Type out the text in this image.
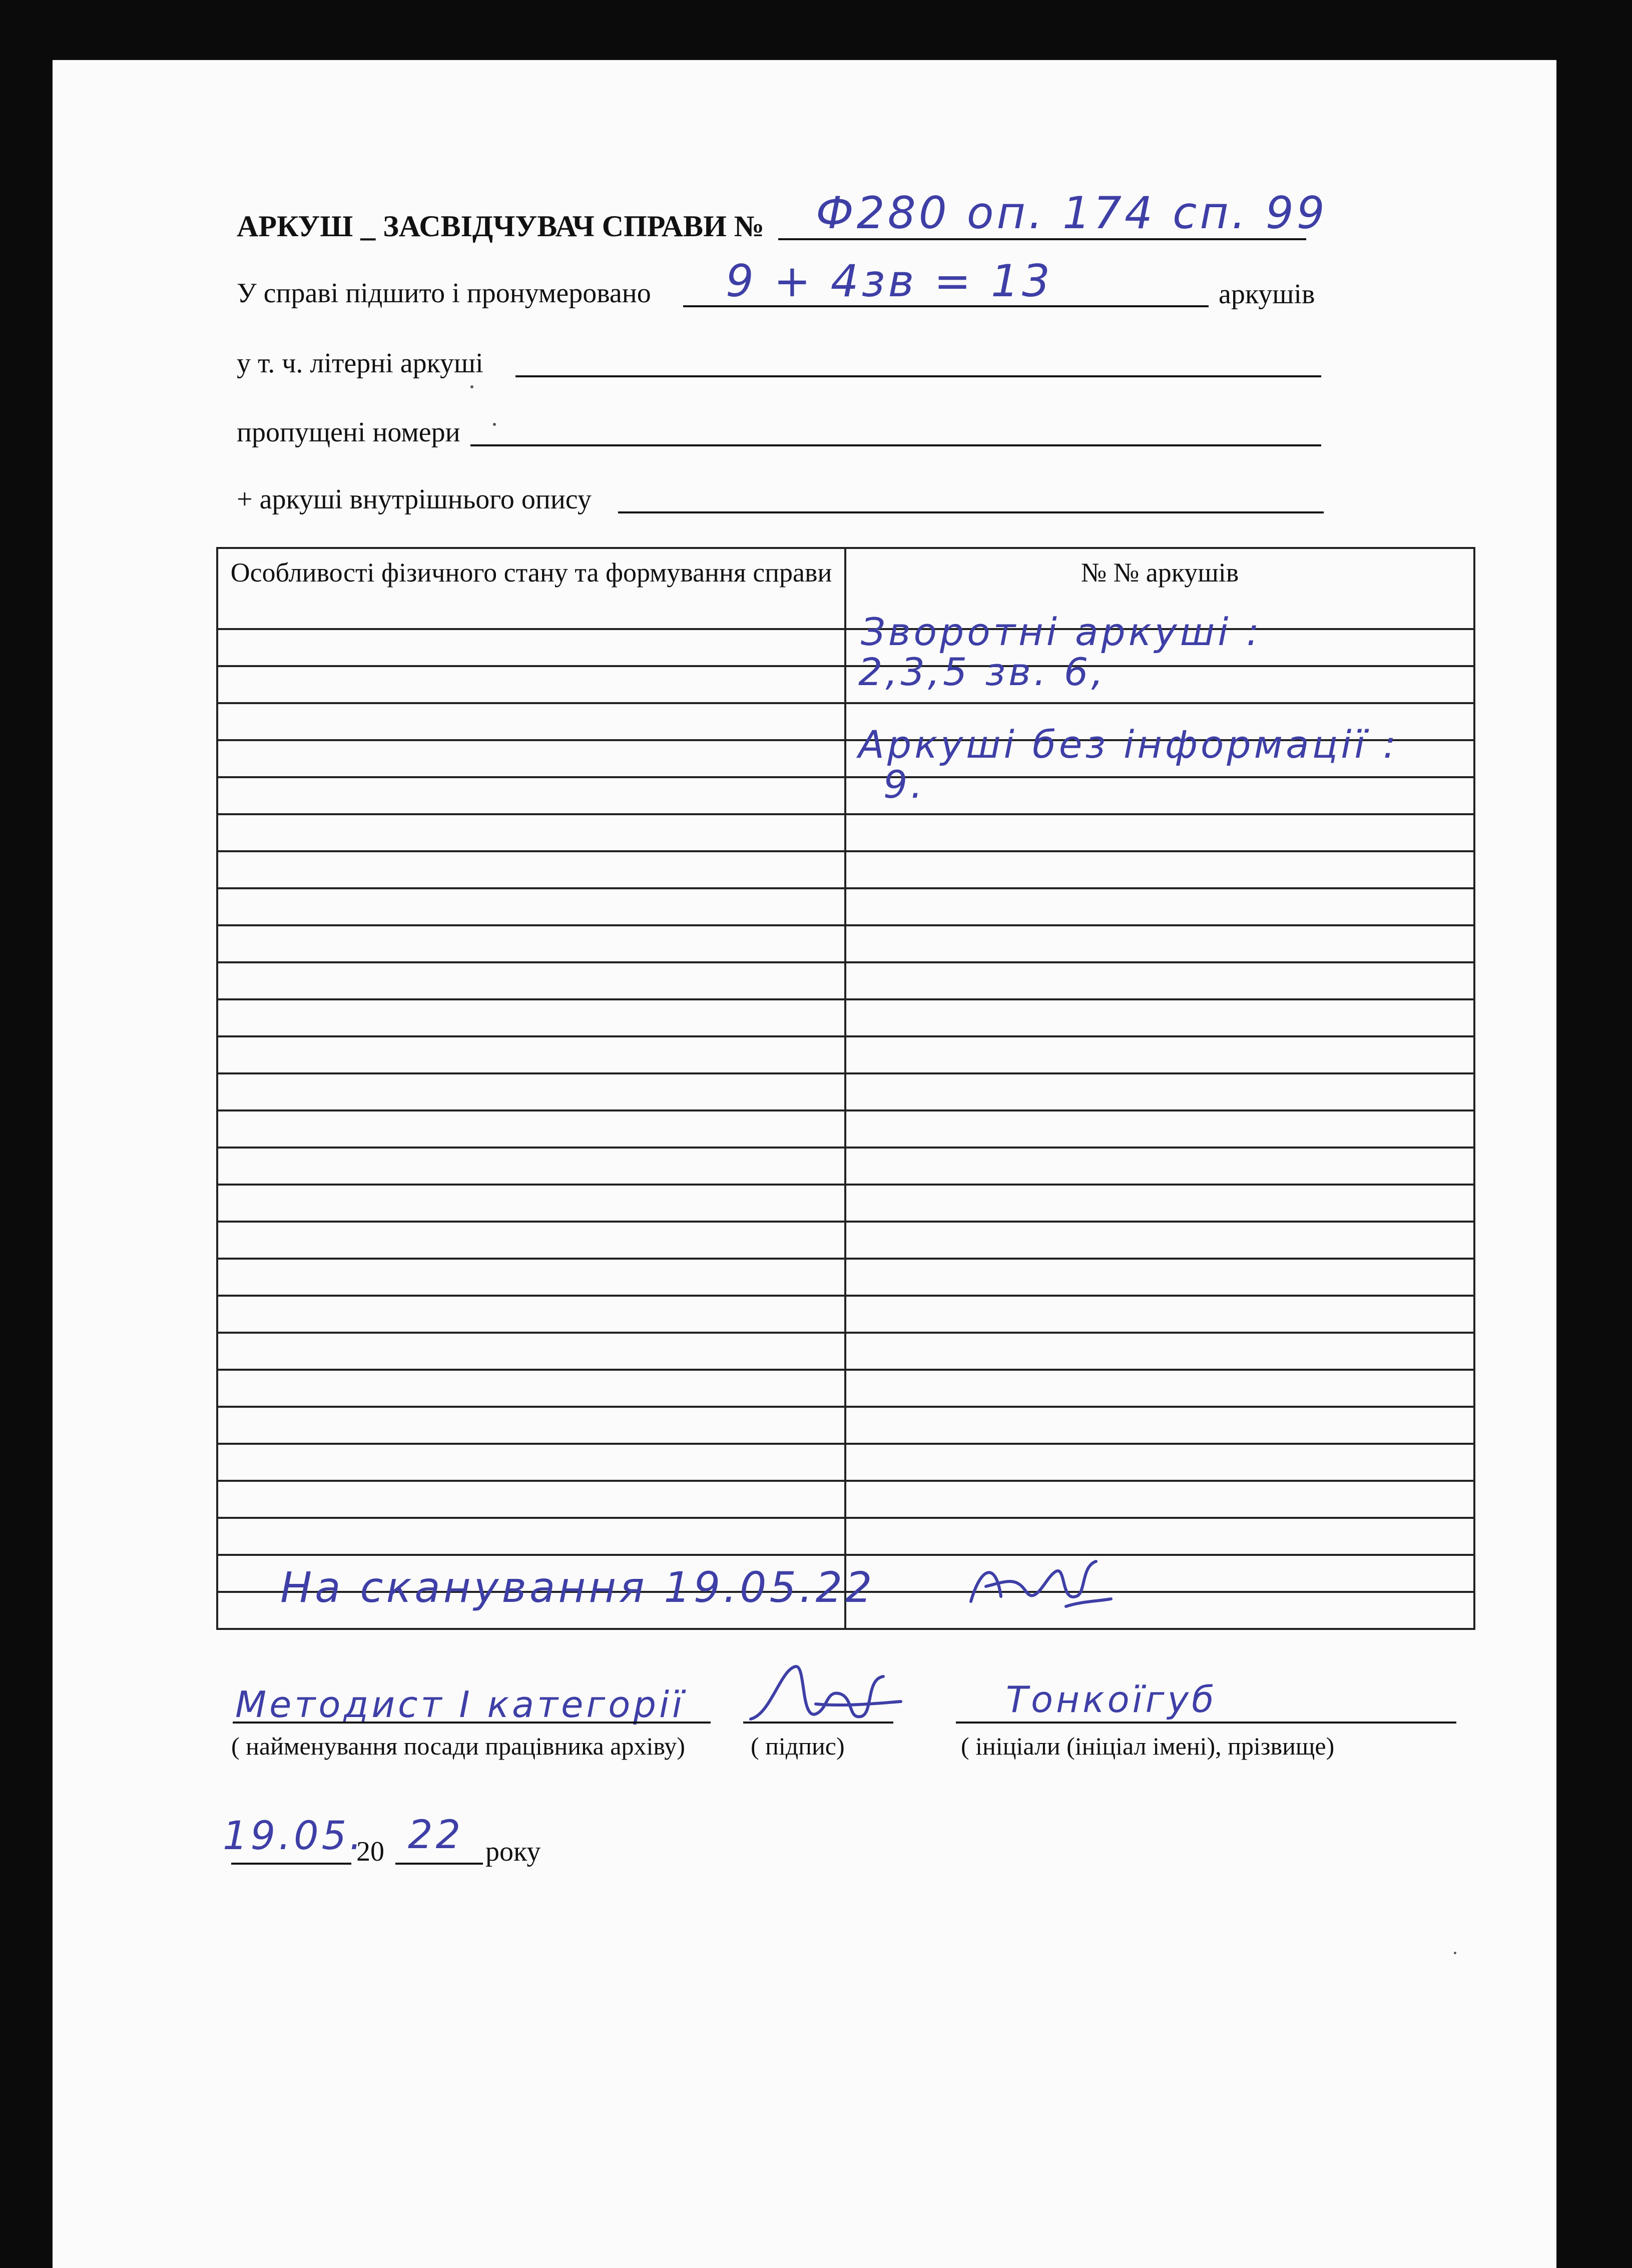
АРКУШ _ ЗАСВІДЧУВАЧ СПРАВИ № Ф280 оп. 174 сп. 99
У справі підшито і пронумеровано 9 + 4зв = 13	аркушів
у т. ч. літерні аркуші
пропущені номери
+ аркуші внутрішнього опису
Особливості фізичного стану та формування справи	№ № аркушів

Зворотні аркуші :
2,3,5 зв. 6,
Аркуші без інформації :
9.
На сканування 19.05.22
Методист І категорії
( найменування посади працівника архіву)	( підпис)
Тонкоїгуб
( ініціали (ініціал імені), прізвище)
19.05.
20 22 року
